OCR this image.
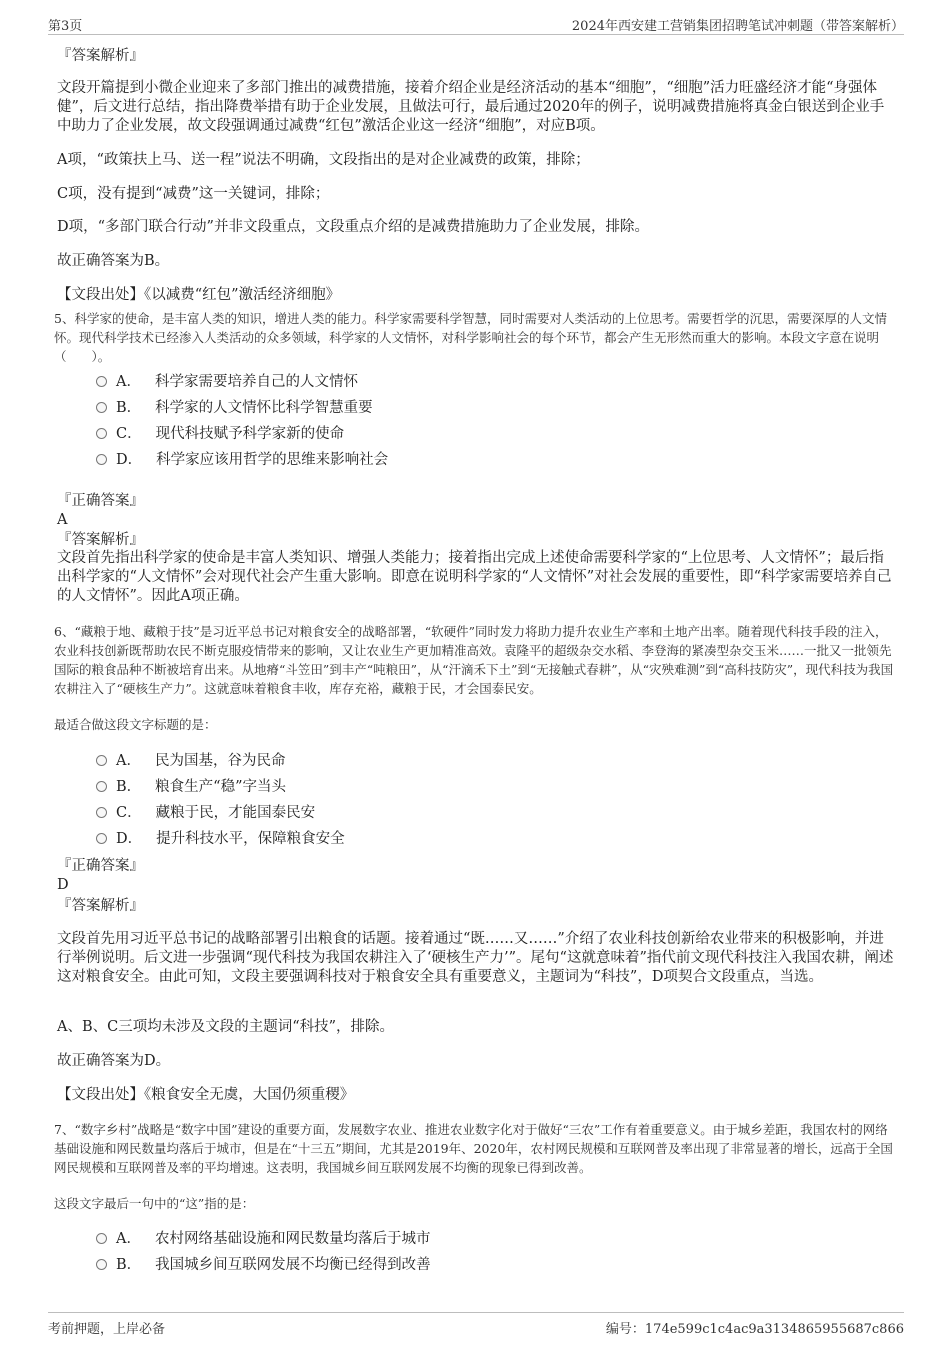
第3页	2024年西安建工营销集团招聘笔试冲刺题（带答案解析）
『答案解析』
文段开篇提到小微企业迎来了多部门推出的减费措施，接着介绍企业是经济活动的基本“细胞”，“细胞”活力旺盛经济才能“身强体健”，后文进行总结，指出降费举措有助于企业发展，且做法可行，最后通过2020年的例子，说明减费措施将真金白银送到企业手中助力了企业发展，故文段强调通过减费“红包”激活企业这一经济“细胞”，对应B项。
A项，“政策扶上马、送一程”说法不明确，文段指出的是对企业减费的政策，排除；
C项，没有提到“减费”这一关键词，排除；
D项，“多部门联合行动”并非文段重点，文段重点介绍的是减费措施助力了企业发展，排除。
故正确答案为B。
【文段出处】《以减费“红包”激活经济细胞》
5、科学家的使命，是丰富人类的知识，增进人类的能力。科学家需要科学智慧，同时需要对人类活动的上位思考。需要哲学的沉思，需要深厚的人文情怀。现代科学技术已经渗入人类活动的众多领域，科学家的人文情怀，对科学影响社会的每个环节，都会产生无形然而重大的影响。本段文字意在说明（　　）。
A． 科学家需要培养自己的人文情怀
B． 科学家的人文情怀比科学智慧重要
C． 现代科技赋予科学家新的使命
D． 科学家应该用哲学的思维来影响社会
『正确答案』
A
『答案解析』
文段首先指出科学家的使命是丰富人类知识、增强人类能力；接着指出完成上述使命需要科学家的“上位思考、人文情怀”；最后指出科学家的“人文情怀”会对现代社会产生重大影响。即意在说明科学家的“人文情怀”对社会发展的重要性，即“科学家需要培养自己的人文情怀”。因此A项正确。
6、“藏粮于地、藏粮于技”是习近平总书记对粮食安全的战略部署，“软硬件”同时发力将助力提升农业生产率和土地产出率。随着现代科技手段的注入，农业科技创新既帮助农民不断克服疫情带来的影响，又让农业生产更加精准高效。袁隆平的超级杂交水稻、李登海的紧凑型杂交玉米……一批又一批领先国际的粮食品种不断被培育出来。从地瘠“斗笠田”到丰产“吨粮田”，从“汗滴禾下土”到“无接触式春耕”，从“灾殃难测”到“高科技防灾”，现代科技为我国农耕注入了“硬核生产力”。这就意味着粮食丰收，库存充裕，藏粮于民，才会国泰民安。
最适合做这段文字标题的是：
A． 民为国基，谷为民命
B． 粮食生产“稳”字当头
C． 藏粮于民，才能国泰民安
D． 提升科技水平，保障粮食安全
『正确答案』
D
『答案解析』
文段首先用习近平总书记的战略部署引出粮食的话题。接着通过“既……又……”介绍了农业科技创新给农业带来的积极影响，并进行举例说明。后文进一步强调“现代科技为我国农耕注入了‘硬核生产力’”。尾句“这就意味着”指代前文现代科技注入我国农耕，阐述这对粮食安全。由此可知，文段主要强调科技对于粮食安全具有重要意义，主题词为“科技”，D项契合文段重点，当选。
A、B、C三项均未涉及文段的主题词“科技”，排除。
故正确答案为D。
【文段出处】《粮食安全无虞，大国仍须重稷》
7、“数字乡村”战略是“数字中国”建设的重要方面，发展数字农业、推进农业数字化对于做好“三农”工作有着重要意义。由于城乡差距，我国农村的网络基础设施和网民数量均落后于城市，但是在“十三五”期间，尤其是2019年、2020年，农村网民规模和互联网普及率出现了非常显著的增长，远高于全国网民规模和互联网普及率的平均增速。这表明，我国城乡间互联网发展不均衡的现象已得到改善。
这段文字最后一句中的“这”指的是：
A． 农村网络基础设施和网民数量均落后于城市
B． 我国城乡间互联网发展不均衡已经得到改善
考前押题，上岸必备	编号：174e599c1c4ac9a3134865955687c866
